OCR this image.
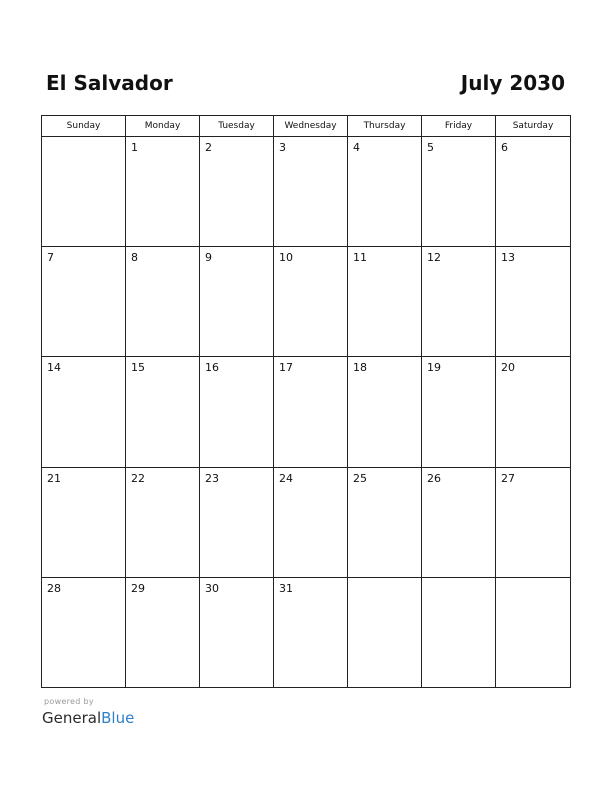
El Salvador	July 2030
Sunday	Monday	Tuesday	Wednesday	Thursday	Friday	Saturday

	1	2	3	4	5	6

7	8	9	10	11	12	13

14	15	16	17	18	19	20

21	22	23	24	25	26	27

28	29	30	31			

powered by
GeneralBlue
